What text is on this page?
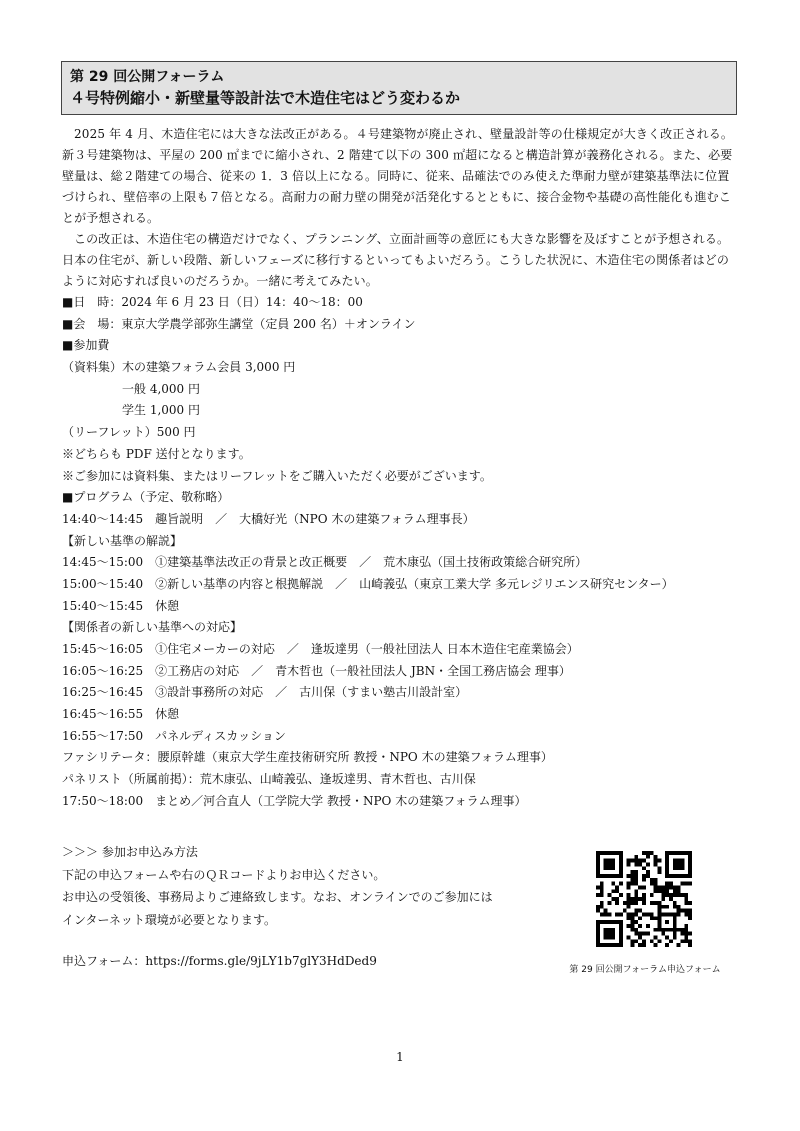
第 29 回公開フォーラム
４号特例縮小・新壁量等設計法で木造住宅はどう変わるか

2025 年 4 月、木造住宅には大きな法改正がある。４号建築物が廃止され、壁量設計等の仕様規定が大きく改正される。新３号建築物は、平屋の 200 ㎡までに縮小され、2 階建て以下の 300 ㎡超になると構造計算が義務化される。また、必要壁量は、総２階建ての場合、従来の 1．3 倍以上になる。同時に、従来、品確法でのみ使えた準耐力壁が建築基準法に位置づけられ、壁倍率の上限も７倍となる。高耐力の耐力壁の開発が活発化するとともに、接合金物や基礎の高性能化も進むことが予想される。

この改正は、木造住宅の構造だけでなく、プランニング、立面計画等の意匠にも大きな影響を及ぼすことが予想される。日本の住宅が、新しい段階、新しいフェーズに移行するといってもよいだろう。こうした状況に、木造住宅の関係者はどのように対応すれば良いのだろうか。一緒に考えてみたい。

■日　時：2024 年 6 月 23 日（日）14：40～18：00
■会　場：東京大学農学部弥生講堂（定員 200 名）＋オンライン
■参加費
（資料集）木の建築フォラム会員 3,000 円
一般 4,000 円
学生 1,000 円
（リーフレット）500 円
※どちらも PDF 送付となります。
※ご参加には資料集、またはリーフレットをご購入いただく必要がございます。
■プログラム（予定、敬称略）
14:40～14:45　趣旨説明　／　大橋好光（NPO 木の建築フォラム理事長）
【新しい基準の解説】
14:45～15:00　①建築基準法改正の背景と改正概要　／　荒木康弘（国土技術政策総合研究所）
15:00～15:40　②新しい基準の内容と根拠解説　／　山崎義弘（東京工業大学 多元レジリエンス研究センター）
15:40～15:45　休憩
【関係者の新しい基準への対応】
15:45～16:05　①住宅メーカーの対応　／　逢坂達男（一般社団法人 日本木造住宅産業協会）
16:05～16:25　②工務店の対応　／　青木哲也（一般社団法人 JBN・全国工務店協会 理事）
16:25～16:45　③設計事務所の対応　／　古川保（すまい塾古川設計室）
16:45～16:55　休憩
16:55～17:50　パネルディスカッション
ファシリテータ：腰原幹雄（東京大学生産技術研究所 教授・NPO 木の建築フォラム理事）
パネリスト（所属前掲）：荒木康弘、山崎義弘、逢坂達男、青木哲也、古川保
17:50～18:00　まとめ／河合直人（工学院大学 教授・NPO 木の建築フォラム理事）
＞＞＞ 参加お申込み方法
下記の申込フォームや右のＱＲコードよりお申込ください。
お申込の受領後、事務局よりご連絡致します。なお、オンラインでのご参加には
インターネット環境が必要となります。
申込フォーム：https://forms.gle/9jLY1b7glY3HdDed9
第 29 回公開フォーラム申込フォーム
1
